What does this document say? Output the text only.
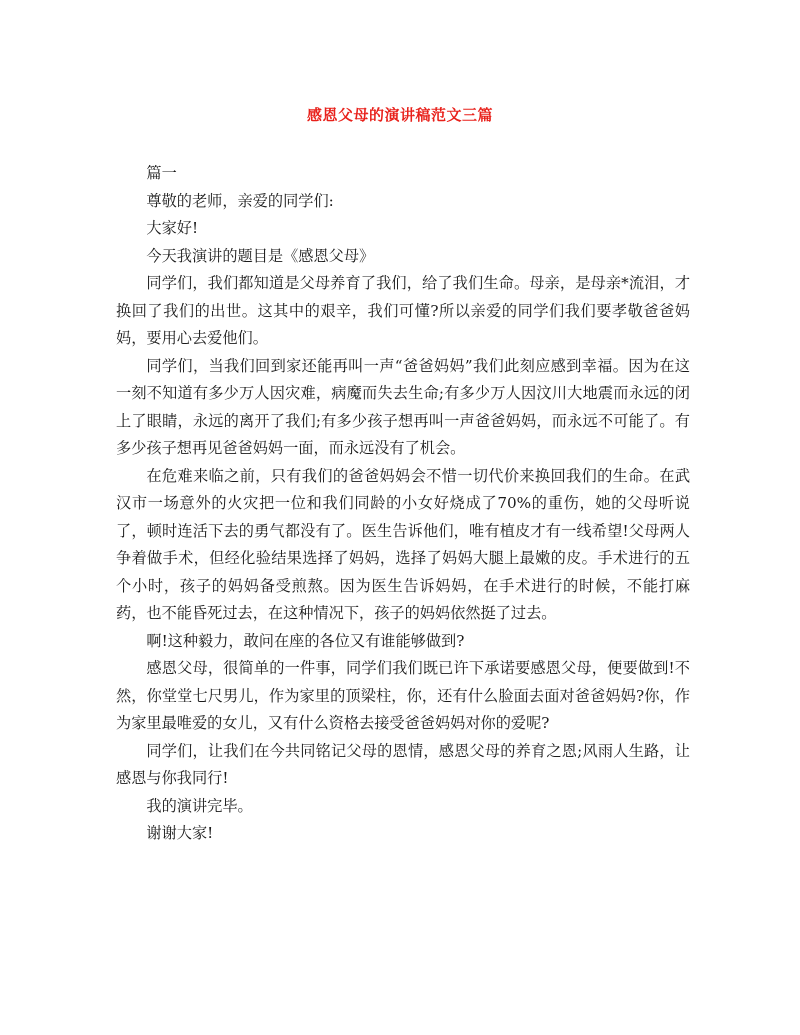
感恩父母的演讲稿范文三篇

篇一

尊敬的老师，亲爱的同学们:

大家好!

今天我演讲的题目是《感恩父母》

同学们，我们都知道是父母养育了我们，给了我们生命。母亲，是母亲*流泪，才换回了我们的出世。这其中的艰辛，我们可懂?所以亲爱的同学们我们要孝敬爸爸妈妈，要用心去爱他们。

同学们，当我们回到家还能再叫一声“爸爸妈妈”我们此刻应感到幸福。因为在这一刻不知道有多少万人因灾难，病魔而失去生命;有多少万人因汶川大地震而永远的闭上了眼睛，永远的离开了我们;有多少孩子想再叫一声爸爸妈妈，而永远不可能了。有多少孩子想再见爸爸妈妈一面，而永远没有了机会。

在危难来临之前，只有我们的爸爸妈妈会不惜一切代价来换回我们的生命。在武汉市一场意外的火灾把一位和我们同龄的小女好烧成了70%的重伤，她的父母听说了，顿时连活下去的勇气都没有了。医生告诉他们，唯有植皮才有一线希望!父母两人争着做手术，但经化验结果选择了妈妈，选择了妈妈大腿上最嫩的皮。手术进行的五个小时，孩子的妈妈备受煎熬。因为医生告诉妈妈，在手术进行的时候，不能打麻药，也不能昏死过去，在这种情况下，孩子的妈妈依然挺了过去。

啊!这种毅力，敢问在座的各位又有谁能够做到?

感恩父母，很简单的一件事，同学们我们既已许下承诺要感恩父母，便要做到!不然，你堂堂七尺男儿，作为家里的顶梁柱，你，还有什么脸面去面对爸爸妈妈?你，作为家里最唯爱的女儿，又有什么资格去接受爸爸妈妈对你的爱呢?

同学们，让我们在今共同铭记父母的恩情，感恩父母的养育之恩;风雨人生路，让感恩与你我同行!

我的演讲完毕。

谢谢大家!
